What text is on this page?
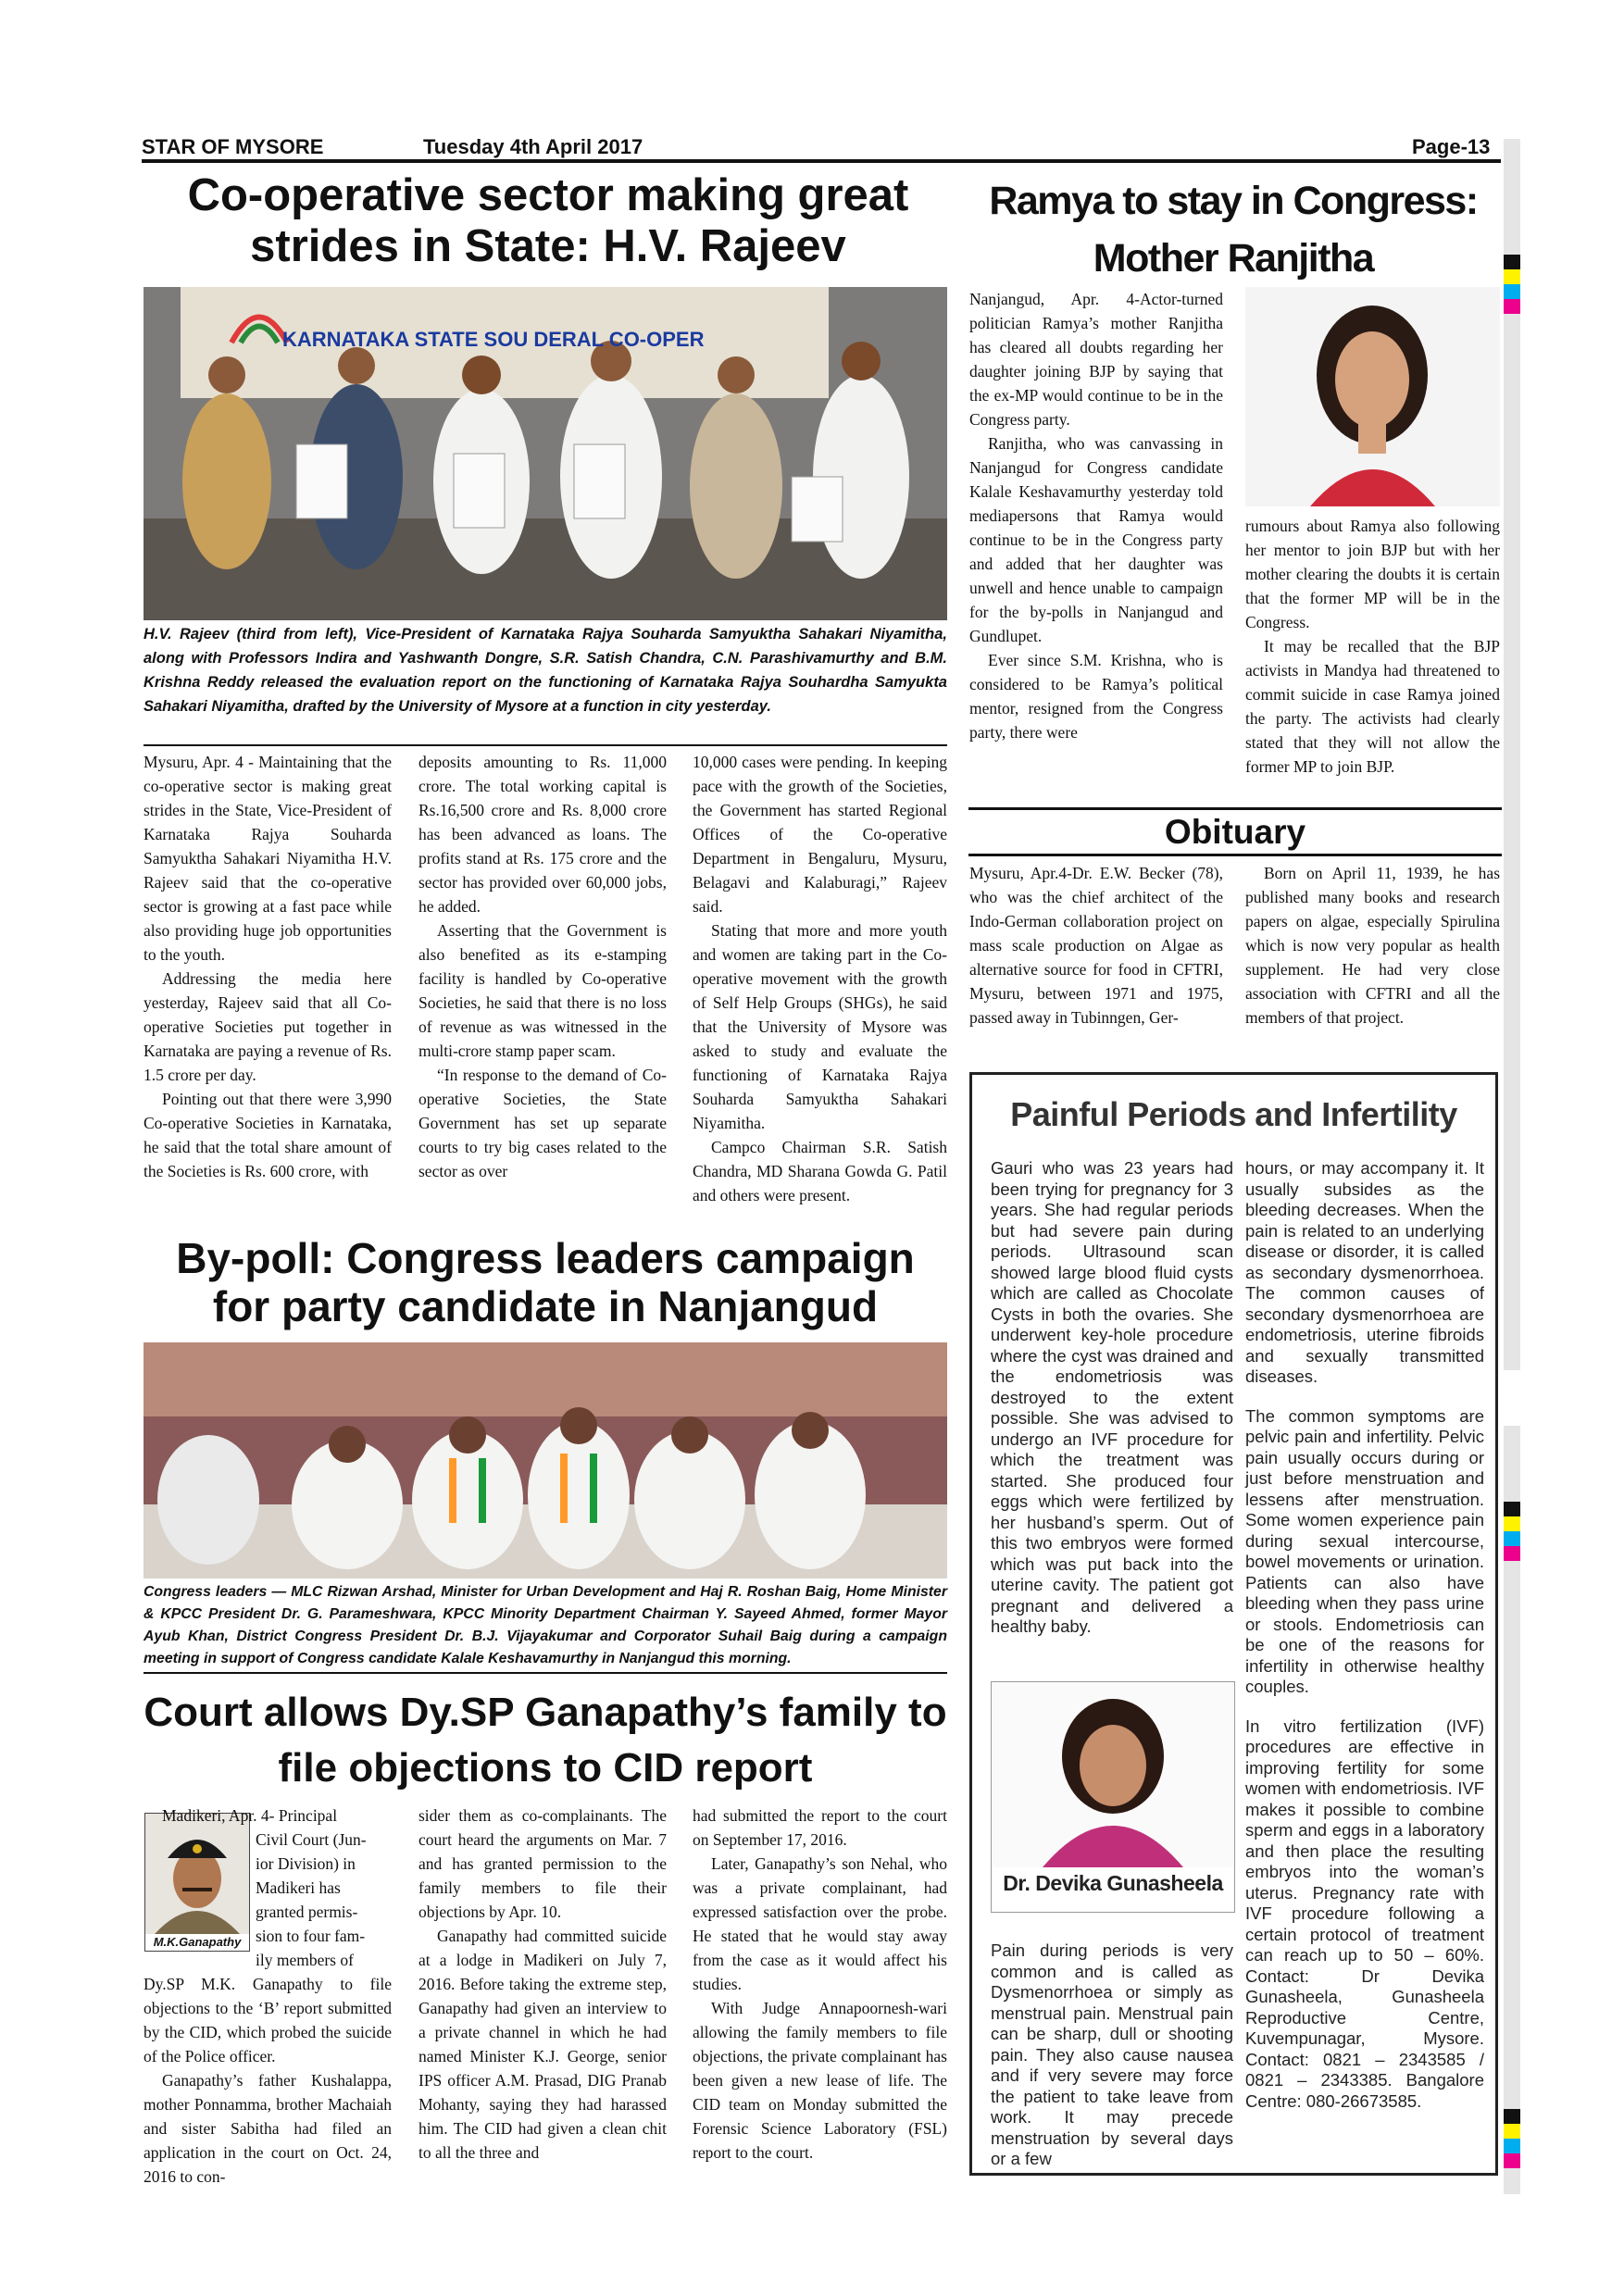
STAR OF MYSORE	Tuesday 4th April 2017	Page-13
Co-operative sector making great strides in State: H.V. Rajeev
KARNATAKA STATE SOU DERAL CO-OPER
H.V. Rajeev (third from left), Vice-President of Karnataka Rajya Souharda Samyuktha Sahakari Niyamitha, along with Professors Indira and Yashwanth Dongre, S.R. Satish Chandra, C.N. Parashivamurthy and B.M. Krishna Reddy released the evaluation report on the functioning of Karnataka Rajya Souhardha Samyukta Sahakari Niyamitha, drafted by the University of Mysore at a function in city yesterday.

Mysuru, Apr. 4 - Maintaining that the co-operative sector is making great strides in the State, Vice-President of Karnataka Rajya Souharda Samyuktha Sahakari Niyamitha H.V. Rajeev said that the co-operative sector is growing at a fast pace while also providing huge job opportunities to the youth.

Addressing the media here yesterday, Rajeev said that all Co-operative Societies put together in Karnataka are paying a revenue of Rs. 1.5 crore per day.

Pointing out that there were 3,990 Co-operative Societies in Karnataka, he said that the total share amount of the Societies is Rs. 600 crore, with

deposits amounting to Rs. 11,000 crore. The total working capital is Rs.16,500 crore and Rs. 8,000 crore has been advanced as loans. The profits stand at Rs. 175 crore and the sector has provided over 60,000 jobs, he added.

Asserting that the Government is also benefited as its e-stamping facility is handled by Co-operative Societies, he said that there is no loss of revenue as was witnessed in the multi-crore stamp paper scam.

“In response to the demand of Co-operative Societies, the State Government has set up separate courts to try big cases related to the sector as over

10,000 cases were pending. In keeping pace with the growth of the Societies, the Government has started Regional Offices of the Co-operative Department in Bengaluru, Mysuru, Belagavi and Kalaburagi,” Rajeev said.

Stating that more and more youth and women are taking part in the Co-operative movement with the growth of Self Help Groups (SHGs), he said that the University of Mysore was asked to study and evaluate the functioning of Karnataka Rajya Souharda Samyuktha Sahakari Niyamitha.

Campco Chairman S.R. Satish Chandra, MD Sharana Gowda G. Patil and others were present.

Ramya to stay in Congress: Mother Ranjitha

Nanjangud, Apr. 4-Actor-turned politician Ramya’s mother Ranjitha has cleared all doubts regarding her daughter joining BJP by saying that the ex-MP would continue to be in the Congress party.

Ranjitha, who was canvassing in Nanjangud for Congress candidate Kalale Keshavamurthy yesterday told mediapersons that Ramya would continue to be in the Congress party and added that her daughter was unwell and hence unable to campaign for the by-polls in Nanjangud and Gundlupet.

Ever since S.M. Krishna, who is considered to be Ramya’s political mentor, resigned from the Congress party, there were

rumours about Ramya also following her mentor to join BJP but with her mother clearing the doubts it is certain that the former MP will be in the Congress.

It may be recalled that the BJP activists in Mandya had threatened to commit suicide in case Ramya joined the party. The activists had clearly stated that they will not allow the former MP to join BJP.

Obituary

Mysuru, Apr.4-Dr. E.W. Becker (78), who was the chief architect of the Indo-German collaboration project on mass scale production on Algae as alternative source for food in CFTRI, Mysuru, between 1971 and 1975, passed away in Tubinngen, Ger-

Born on April 11, 1939, he has published many books and research papers on algae, especially Spirulina which is now very popular as health supplement. He had very close association with CFTRI and all the members of that project.

By-poll: Congress leaders campaign for party candidate in Nanjangud
Congress leaders — MLC Rizwan Arshad, Minister for Urban Development and Haj R. Roshan Baig, Home Minister & KPCC President Dr. G. Parameshwara, KPCC Minority Department Chairman Y. Sayeed Ahmed, former Mayor Ayub Khan, District Congress President Dr. B.J. Vijayakumar and Corporator Suhail Baig during a campaign meeting in support of Congress candidate Kalale Keshavamurthy in Nanjangud this morning.
Court allows Dy.SP Ganapathy’s family to file objections to CID report
M.K.Ganapathy
Madikeri, Apr. 4- Principal
Civil Court (Jun-
ior Division) in
Madikeri has
granted permis-
sion to four fam-
ily members of

Dy.SP M.K. Ganapathy to file objections to the ‘B’ report submitted by the CID, which probed the suicide of the Police officer.

Ganapathy’s father Kushalappa, mother Ponnamma, brother Machaiah and sister Sabitha had filed an application in the court on Oct. 24, 2016 to con-

sider them as co-complainants. The court heard the arguments on Mar. 7 and has granted permission to the family members to file their objections by Apr. 10.

Ganapathy had committed suicide at a lodge in Madikeri on July 7, 2016. Before taking the extreme step, Ganapathy had given an interview to a private channel in which he had named Minister K.J. George, senior IPS officer A.M. Prasad, DIG Pranab Mohanty, saying they had harassed him. The CID had given a clean chit to all the three and

had submitted the report to the court on September 17, 2016.

Later, Ganapathy’s son Nehal, who was a private complainant, had expressed satisfaction over the probe. He stated that he would stay away from the case as it would affect his studies.

With Judge Annapoornesh-wari allowing the family members to file objections, the private complainant has been given a new lease of life. The CID team on Monday submitted the Forensic Science Laboratory (FSL) report to the court.

Painful Periods and Infertility

Gauri who was 23 years had been trying for pregnancy for 3 years. She had regular periods but had severe pain during periods. Ultrasound scan showed large blood fluid cysts which are called as Chocolate Cysts in both the ovaries. She underwent key-hole procedure where the cyst was drained and the endometriosis was destroyed to the extent possible. She was advised to undergo an IVF procedure for which the treatment was started. She produced four eggs which were fertilized by her husband’s sperm. Out of this two embryos were formed which was put back into the uterine cavity. The patient got pregnant and delivered a healthy baby.

Dr. Devika Gunasheela

Pain during periods is very common and is called as Dysmenorrhoea or simply as menstrual pain. Menstrual pain can be sharp, dull or shooting pain. They also cause nausea and if very severe may force the patient to take leave from work. It may precede menstruation by several days or a few

hours, or may accompany it. It usually subsides as the bleeding decreases. When the pain is related to an underlying disease or disorder, it is called as secondary dysmenorrhoea. The common causes of secondary dysmenorrhoea are endometriosis, uterine fibroids and sexually transmitted diseases.

The common symptoms are pelvic pain and infertility. Pelvic pain usually occurs during or just before menstruation and lessens after menstruation. Some women experience pain during sexual intercourse, bowel movements or urination. Patients can also have bleeding when they pass urine or stools. Endometriosis can be one of the reasons for infertility in otherwise healthy couples.

In vitro fertilization (IVF) procedures are effective in improving fertility for some women with endometriosis. IVF makes it possible to combine sperm and eggs in a laboratory and then place the resulting embryos into the woman’s uterus. Pregnancy rate with IVF procedure following a certain protocol of treatment can reach up to 50 – 60%. Contact: Dr Devika Gunasheela, Gunasheela Reproductive Centre, Kuvempunagar, Mysore. Contact: 0821 – 2343585 / 0821 – 2343385. Bangalore Centre: 080-26673585.
